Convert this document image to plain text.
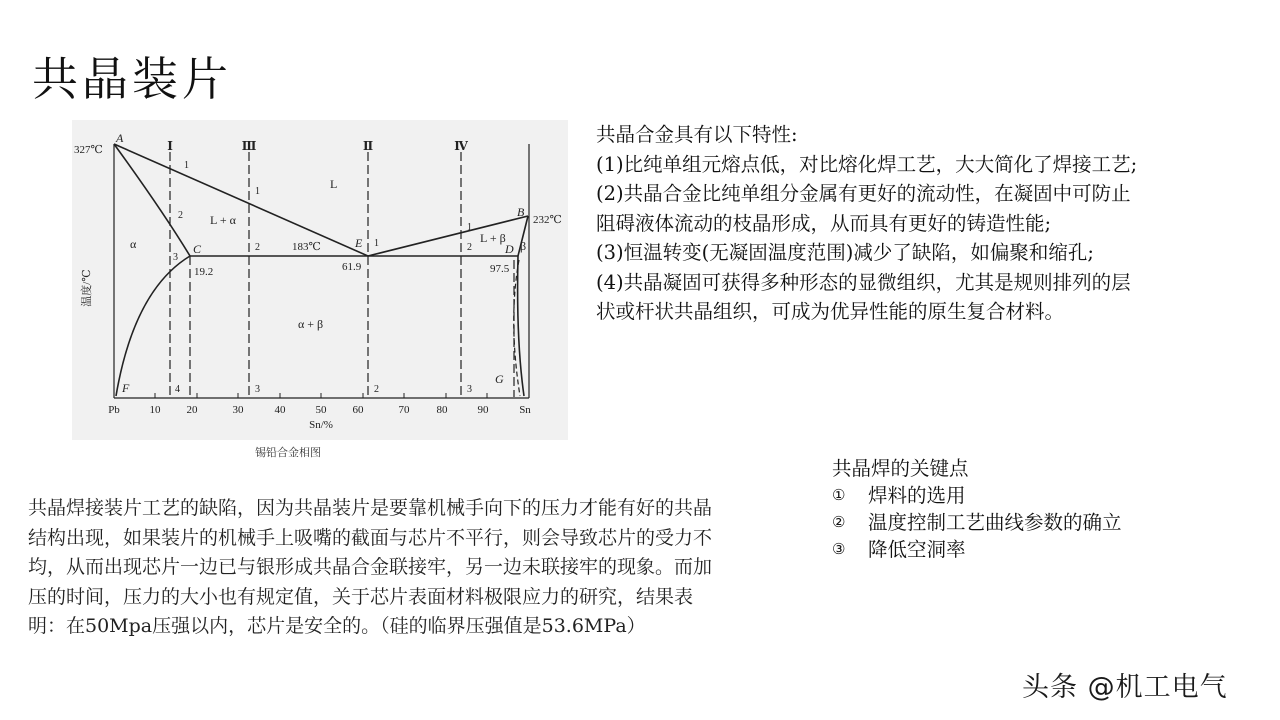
共晶装片
Pb	10 20	30	40	50 60	70 80	90	Sn
Sn/%
温度/℃
Ⅰ	Ⅲ	Ⅱ	Ⅳ
327℃
232℃
183℃
19.2	61.9	97.5
A
B
C	D
E
F
G
L
L + α
L + β
α	β
α + β
1
2
3
4
1
2
3
1
2
1
2
3
锡铅合金相图

共晶合金具有以下特性:

(1)比纯单组元熔点低，对比熔化焊工艺，大大简化了焊接工艺;

(2)共晶合金比纯单组分金属有更好的流动性，在凝固中可防止

阻碍液体流动的枝晶形成，从而具有更好的铸造性能;

(3)恒温转变(无凝固温度范围)减少了缺陷，如偏聚和缩孔;

(4)共晶凝固可获得多种形态的显微组织，尤其是规则排列的层

状或杆状共晶组织，可成为优异性能的原生复合材料。

共晶焊的关键点
①	焊料的选用
②	温度控制工艺曲线参数的确立
③	降低空洞率
共晶焊接装片工艺的缺陷，因为共晶装片是要靠机械手向下的压力才能有好的共晶结构出现，如果装片的机械手上吸嘴的截面与芯片不平行，则会导致芯片的受力不均，从而出现芯片一边已与银形成共晶合金联接牢，另一边未联接牢的现象。而加压的时间，压力的大小也有规定值，关于芯片表面材料极限应力的研究，结果表明：在50Mpa压强以内，芯片是安全的。（硅的临界压强值是53.6MPa）
头条 @机工电气
